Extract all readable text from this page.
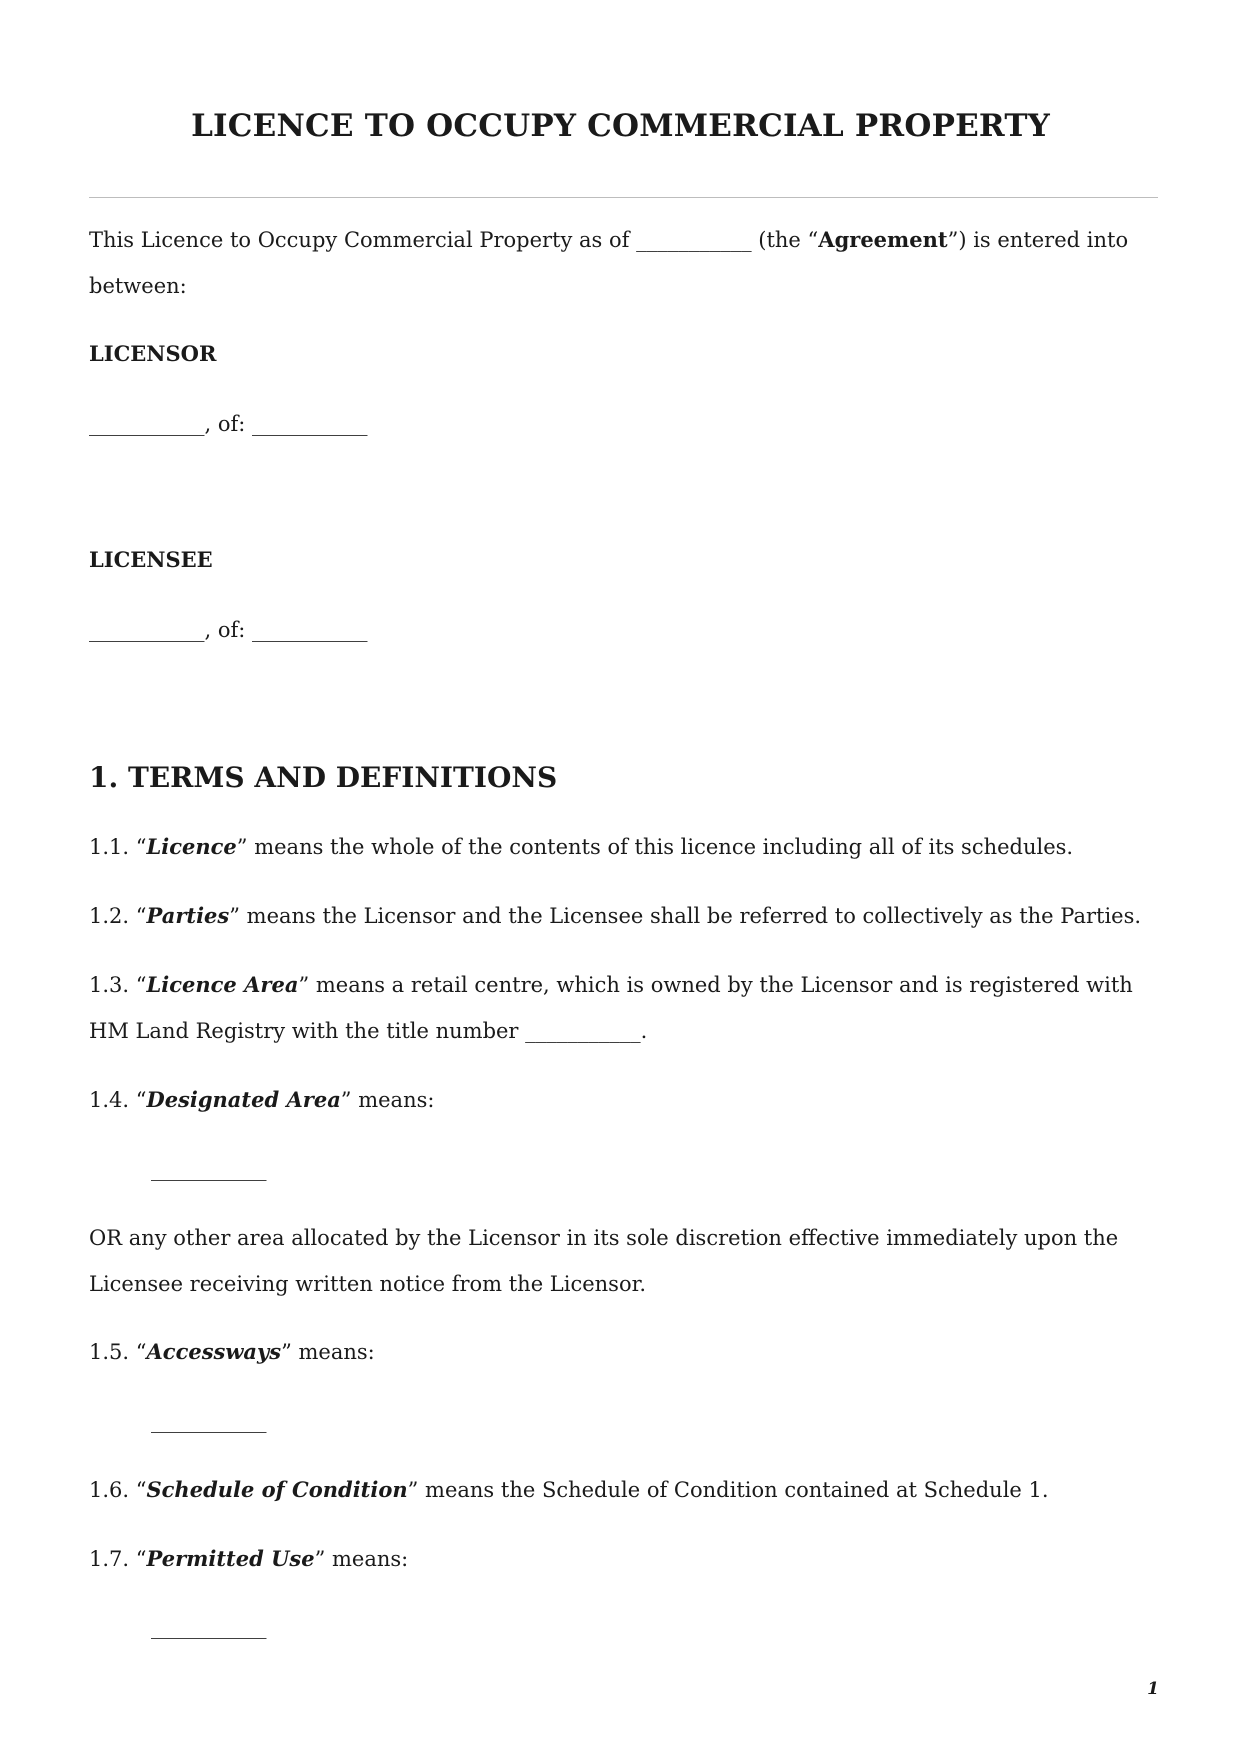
LICENCE TO OCCUPY COMMERCIAL PROPERTY
This Licence to Occupy Commercial Property as of ___________ (the “Agreement”) is entered into
between:
LICENSOR
___________, of: ___________
LICENSEE
___________, of: ___________
1. TERMS AND DEFINITIONS
1.1. “Licence” means the whole of the contents of this licence including all of its schedules.
1.2. “Parties” means the Licensor and the Licensee shall be referred to collectively as the Parties.
1.3. “Licence Area” means a retail centre, which is owned by the Licensor and is registered with
HM Land Registry with the title number ___________.
1.4. “Designated Area” means:
___________
OR any other area allocated by the Licensor in its sole discretion effective immediately upon the
Licensee receiving written notice from the Licensor.
1.5. “Accessways” means:
___________
1.6. “Schedule of Condition” means the Schedule of Condition contained at Schedule 1.
1.7. “Permitted Use” means:
___________
1
